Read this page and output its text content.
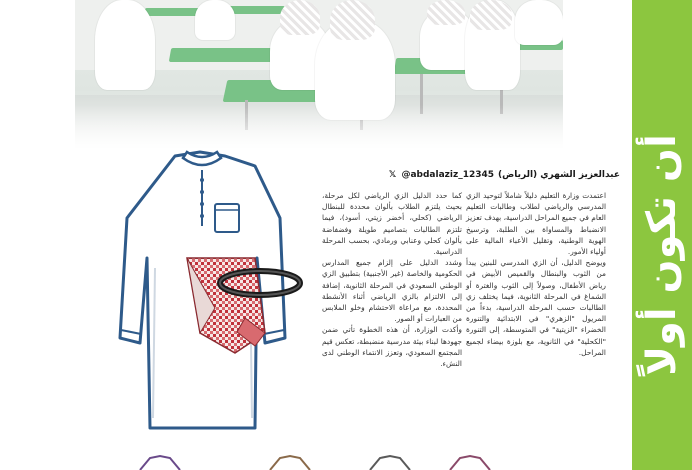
أن تكون أولاً
عبدالعزيز الشهري (الرياض)
@abdalaziz_12345
𝕏

اعتمدت وزارة التعليم دليلاً شاملاً لتوحيد الزي المدرسي والرياضي لطلاب وطالبات التعليم العام في جميع المراحل الدراسية، بهدف تعزيز الانضباط والمساواة بين الطلبة، وترسيخ الهوية الوطنية، وتقليل الأعباء المالية على أولياء الأمور.

ويوضح الدليل، أن الزي المدرسي للبنين يبدأ من الثوب والبنطال والقميص الأبيض في رياض الأطفال، وصولاً إلى الثوب والغترة أو الشماغ في المرحلة الثانوية، فيما يختلف زي الطالبات حسب المرحلة الدراسية، بدءاً من المريول "الزهري" في الابتدائية والتنورة الخضراء "الزيتية" في المتوسطة، إلى التنورة "الكحلية" في الثانوية، مع بلوزة بيضاء لجميع المراحل.

كما حدد الدليل الزي الرياضي لكل مرحلة، بحيث يلتزم الطلاب بألوان محددة للبنطال الرياضي (كحلي، أخضر زيتي، أسود)، فيما تلتزم الطالبات بتصاميم طويلة وفضفاضة بألوان كحلي وعنابي ورمادي، بحسب المرحلة الدراسية.

وشدد الدليل على إلزام جميع المدارس الحكومية والخاصة (غير الأجنبية) بتطبيق الزي الوطني السعودي في المرحلة الثانوية، إضافة إلى الالتزام بالزي الرياضي أثناء الأنشطة المحددة، مع مراعاة الاحتشام وخلو الملابس من العبارات أو الصور.

وأكدت الوزارة، أن هذه الخطوة تأتي ضمن جهودها لبناء بيئة مدرسية منضبطة، تعكس قيم المجتمع السعودي، وتعزز الانتماء الوطني لدى النشء.
